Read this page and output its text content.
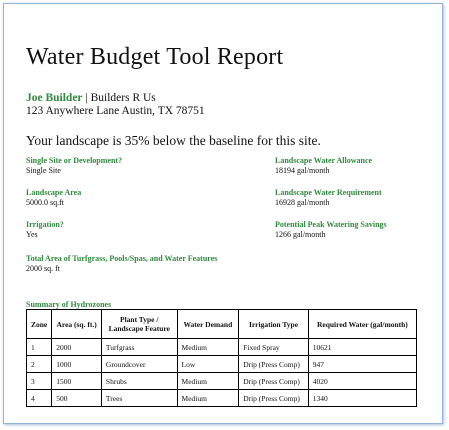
Water Budget Tool Report
Joe Builder | Builders R Us
123 Anywhere Lane Austin, TX 78751
Your landscape is 35% below the baseline for this site.
Single Site or Development?
Single Site
Landscape Area
5000.0 sq.ft
Irrigation?
Yes
Total Area of Turfgrass, Pools/Spas, and Water Features
2000 sq. ft
Landscape Water Allowance
18194 gal/month
Landscape Water Requirement
16928 gal/month
Potential Peak Watering Savings
1266 gal/month
Summary of Hydrozones
Zone	Area (sq. ft.)	Plant Type / Landscape Feature	Water Demand	Irrigation Type	Required Water (gal/month)
1	2000	Turfgrass	Medium	Fixed Spray	10621
2	1000	Groundcover	Low	Drip (Press Comp)	947
3	1500	Shrubs	Medium	Drip (Press Comp)	4020
4	500	Trees	Medium	Drip (Press Comp)	1340
